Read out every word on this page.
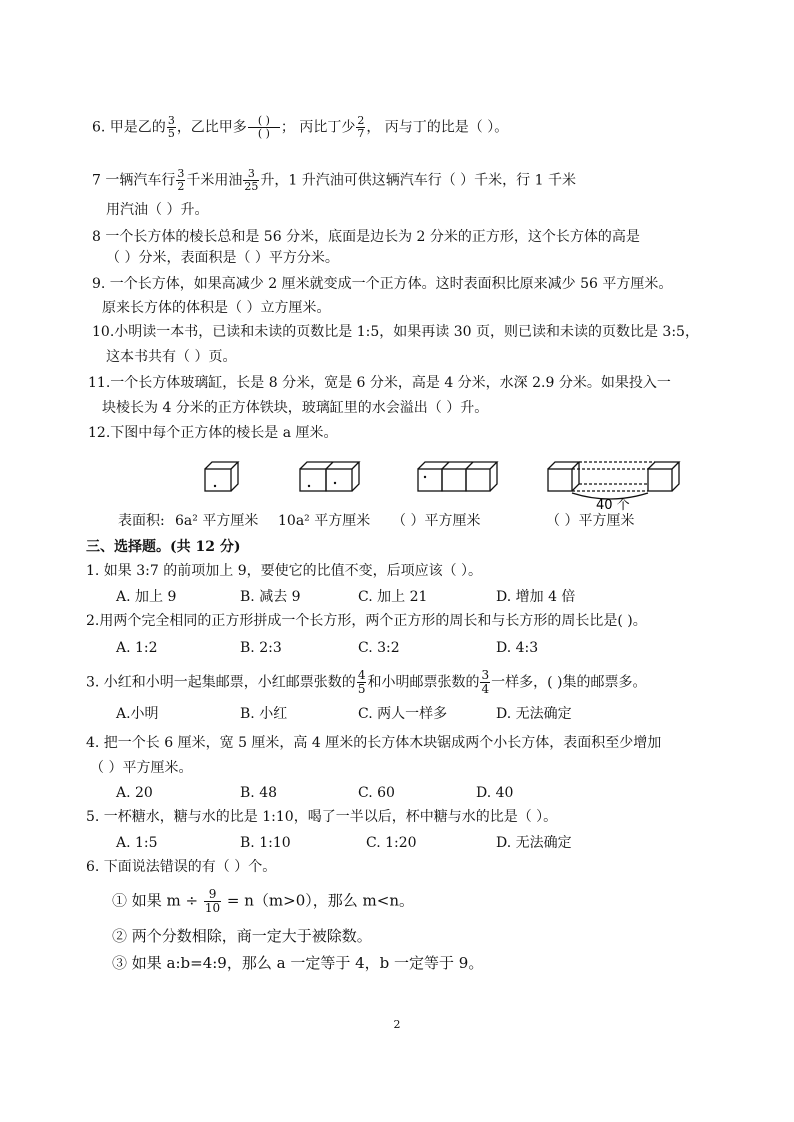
6. 甲是乙的 $\frac{3}{5}$ ，乙比甲多 $\frac{( )}{( )}$ ； 丙比丁少 $\frac{2}{7}$ ， 丙与丁的比是（ ）。
7 一辆汽车行 $\frac{3}{2}$ 千米用油 $\frac{3}{25}$ 升，1 升汽油可供这辆汽车行（ ）千米，行 1 千米
用汽油（ ）升。
8 一个长方体的棱长总和是 56 分米，底面是边长为 2 分米的正方形，这个长方体的高是
（ ）分米，表面积是（ ）平方分米。
9. 一个长方体，如果高减少 2 厘米就变成一个正方体。这时表面积比原来减少 56 平方厘米。
原来长方体的体积是（ ）立方厘米。
10.小明读一本书，已读和未读的页数比是 1:5，如果再读 30 页，则已读和未读的页数比是 3:5，
这本书共有（ ）页。
11.一个长方体玻璃缸，长是 8 分米，宽是 6 分米，高是 4 分米，水深 2.9 分米。如果投入一
块棱长为 4 分米的正方体铁块，玻璃缸里的水会溢出（ ）升。
12.下图中每个正方体的棱长是 a 厘米。
40 个
表面积: 6a² 平方厘米 10a² 平方厘米 （ ）平方厘米	（ ）平方厘米
三、选择题。(共 12 分)
1. 如果 3:7 的前项加上 9，要使它的比值不变，后项应该（ ）。
A. 加上 9	B. 减去 9	C. 加上 21	D. 增加 4 倍
2.用两个完全相同的正方形拼成一个长方形，两个正方形的周长和与长方形的周长比是( )。
A. 1:2	B. 2:3	C. 3:2	D. 4:3
3. 小红和小明一起集邮票，小红邮票张数的 $\frac{4}{5}$ 和小明邮票张数的 $\frac{3}{4}$ 一样多，( )集的邮票多。
A.小明	B. 小红	C. 两人一样多	D. 无法确定
4. 把一个长 6 厘米，宽 5 厘米，高 4 厘米的长方体木块锯成两个小长方体，表面积至少增加
（ ）平方厘米。
A. 20	B. 48	C. 60	D. 40
5. 一杯糖水，糖与水的比是 1:10，喝了一半以后，杯中糖与水的比是（ ）。
A. 1:5	B. 1:10	C. 1:20	D. 无法确定
6. 下面说法错误的有（ ）个。
① 如果 $m \div \frac{9}{10} = n(m>0)$，那么 m<n。
② 两个分数相除，商一定大于被除数。
③ 如果 a:b=4:9，那么 a 一定等于 4，b 一定等于 9。
2
